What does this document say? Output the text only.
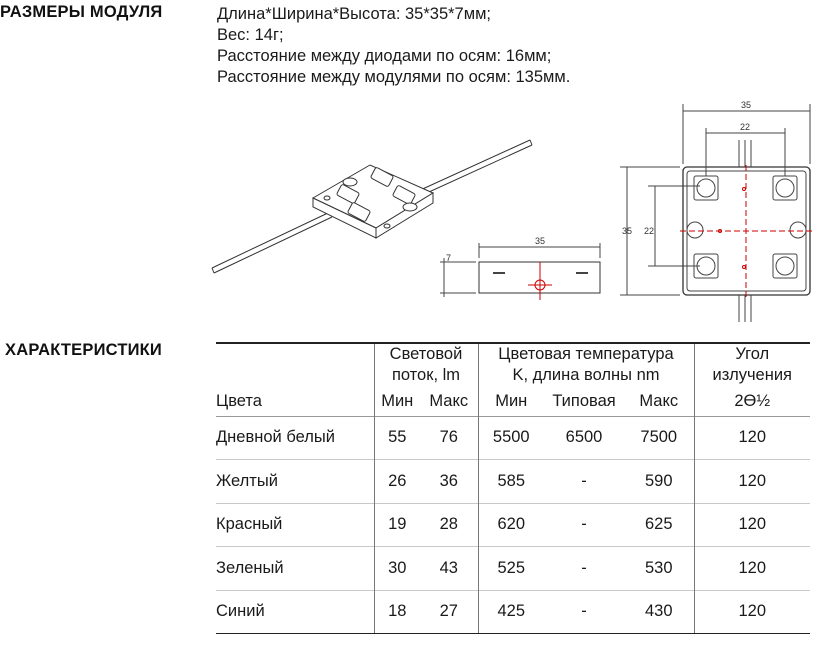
РАЗМЕРЫ МОДУЛЯ	Длина*Ширина*Высота: 35*35*7мм;
Вес: 14г;
Расстояние между диодами по осям: 16мм;
Расстояние между модулями по осям: 135мм.
35
7
35
22
35 22
ХАРАКТЕРИСТИКИ
		Световой		Цветовая температура			Угол
	поток, lm		K, длина волны nm			излучения
Цвета	Мин	Макс	Мин	Типовая	Макс	2ϴ½
Дневной белый	55	76	5500	6500	7500	120
Желтый	26	36	585	-	590	120
Красный	19	28	620	-	625	120
Зеленый	30	43	525	-	530	120
Синий	18	27	425	-	430	120
